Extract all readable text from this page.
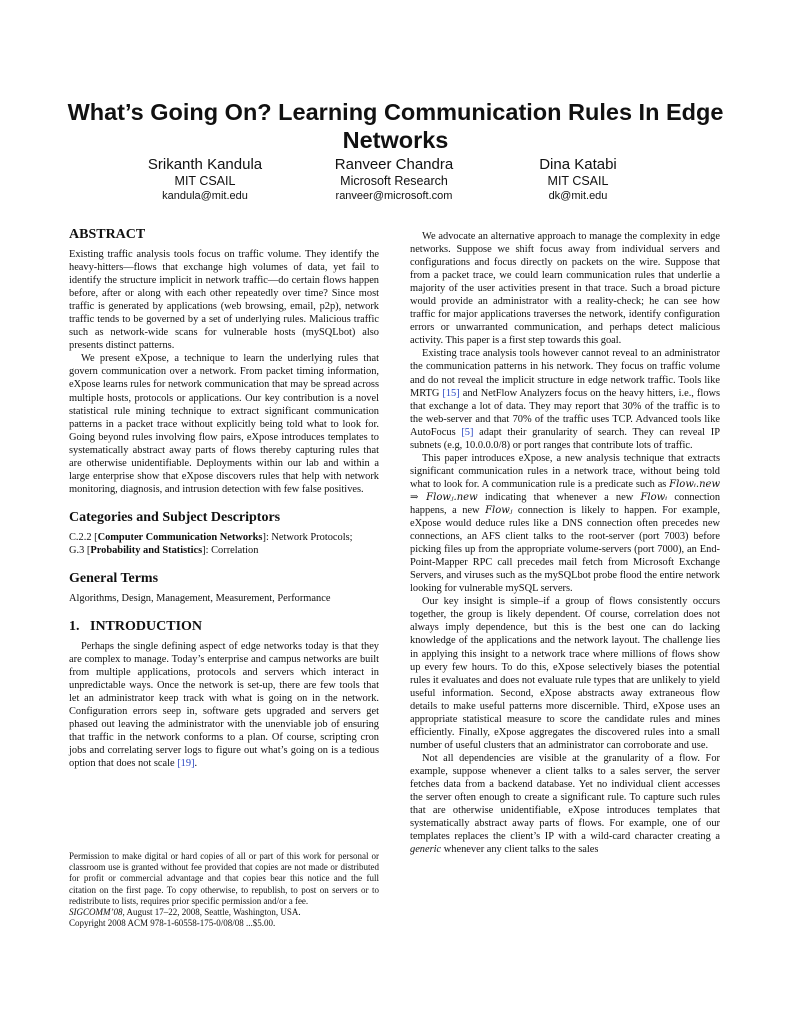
What’s Going On? Learning Communication Rules In Edge Networks
Srikanth Kandula
MIT CSAIL
kandula@mit.edu
Ranveer Chandra
Microsoft Research
ranveer@microsoft.com
Dina Katabi
MIT CSAIL
dk@mit.edu
ABSTRACT

Existing traffic analysis tools focus on traffic volume. They identify the heavy-hitters—flows that exchange high volumes of data, yet fail to identify the structure implicit in network traffic—do certain flows happen before, after or along with each other repeatedly over time? Since most traffic is generated by applications (web browsing, email, p2p), network traffic tends to be governed by a set of underlying rules. Malicious traffic such as network-wide scans for vulnerable hosts (mySQLbot) also presents distinct patterns.

We present eXpose, a technique to learn the underlying rules that govern communication over a network. From packet timing information, eXpose learns rules for network communication that may be spread across multiple hosts, protocols or applications. Our key contribution is a novel statistical rule mining technique to extract significant communication patterns in a packet trace without explicitly being told what to look for. Going beyond rules involving flow pairs, eXpose introduces templates to systematically abstract away parts of flows thereby capturing rules that are otherwise unidentifiable. Deployments within our lab and within a large enterprise show that eXpose discovers rules that help with network monitoring, diagnosis, and intrusion detection with few false positives.

Categories and Subject Descriptors
C.2.2 [Computer Communication Networks]: Network Protocols;
G.3 [Probability and Statistics]: Correlation
General Terms
Algorithms, Design, Management, Measurement, Performance
1.   INTRODUCTION

Perhaps the single defining aspect of edge networks today is that they are complex to manage. Today’s enterprise and campus networks are built from multiple applications, protocols and servers which interact in unpredictable ways. Once the network is set-up, there are few tools that let an administrator keep track with what is going on in the network. Configuration errors seep in, software gets upgraded and servers get phased out leaving the administrator with the unenviable job of ensuring that traffic in the network conforms to a plan. Of course, scripting cron jobs and correlating server logs to figure out what’s going on is a tedious option that does not scale [19].

Permission to make digital or hard copies of all or part of this work for personal or classroom use is granted without fee provided that copies are not made or distributed for profit or commercial advantage and that copies bear this notice and the full citation on the first page. To copy otherwise, to republish, to post on servers or to redistribute to lists, requires prior specific permission and/or a fee.

SIGCOMM’08, August 17–22, 2008, Seattle, Washington, USA.

Copyright 2008 ACM 978-1-60558-175-0/08/08 ...$5.00.

We advocate an alternative approach to manage the complexity in edge networks. Suppose we shift focus away from individual servers and configurations and focus directly on packets on the wire. Suppose that from a packet trace, we could learn communication rules that underlie a majority of the user activities present in that trace. Such a broad picture would provide an administrator with a reality-check; he can see how traffic for major applications traverses the network, identify configuration errors or unwarranted communication, and perhaps detect malicious activity. This paper is a first step towards this goal.

Existing trace analysis tools however cannot reveal to an administrator the communication patterns in his network. They focus on traffic volume and do not reveal the implicit structure in edge network traffic. Tools like MRTG [15] and NetFlow Analyzers focus on the heavy hitters, i.e., flows that exchange a lot of data. They may report that 30% of the traffic is to the web-server and that 70% of the traffic uses TCP. Advanced tools like AutoFocus [5] adapt their granularity of search. They can reveal IP subnets (e.g, 10.0.0.0/8) or port ranges that contribute lots of traffic.

This paper introduces eXpose, a new analysis technique that extracts significant communication rules in a network trace, without being told what to look for. A communication rule is a predicate such as Flowᵢ.new ⇒ Flowⱼ.new indicating that whenever a new Flowᵢ connection happens, a new Flowⱼ connection is likely to happen. For example, eXpose would deduce rules like a DNS connection often precedes new connections, an AFS client talks to the root-server (port 7003) before picking files up from the appropriate volume-servers (port 7000), an End-Point-Mapper RPC call precedes mail fetch from Microsoft Exchange Servers, and viruses such as the mySQLbot probe flood the entire network looking for vulnerable mySQL servers.

Our key insight is simple–if a group of flows consistently occurs together, the group is likely dependent. Of course, correlation does not always imply dependence, but this is the best one can do lacking knowledge of the applications and the network layout. The challenge lies in applying this insight to a network trace where millions of flows show up every few hours. To do this, eXpose selectively biases the potential rules it evaluates and does not evaluate rule types that are unlikely to yield useful information. Second, eXpose abstracts away extraneous flow details to make useful patterns more discernible. Third, eXpose uses an appropriate statistical measure to score the candidate rules and mines efficiently. Finally, eXpose aggregates the discovered rules into a small number of useful clusters that an administrator can corroborate and use.

Not all dependencies are visible at the granularity of a flow. For example, suppose whenever a client talks to a sales server, the server fetches data from a backend database. Yet no individual client accesses the server often enough to create a significant rule. To capture such rules that are otherwise unidentifiable, eXpose introduces templates that systematically abstract away parts of flows. For example, one of our templates replaces the client’s IP with a wild-card character creating a generic whenever any client talks to the sales
